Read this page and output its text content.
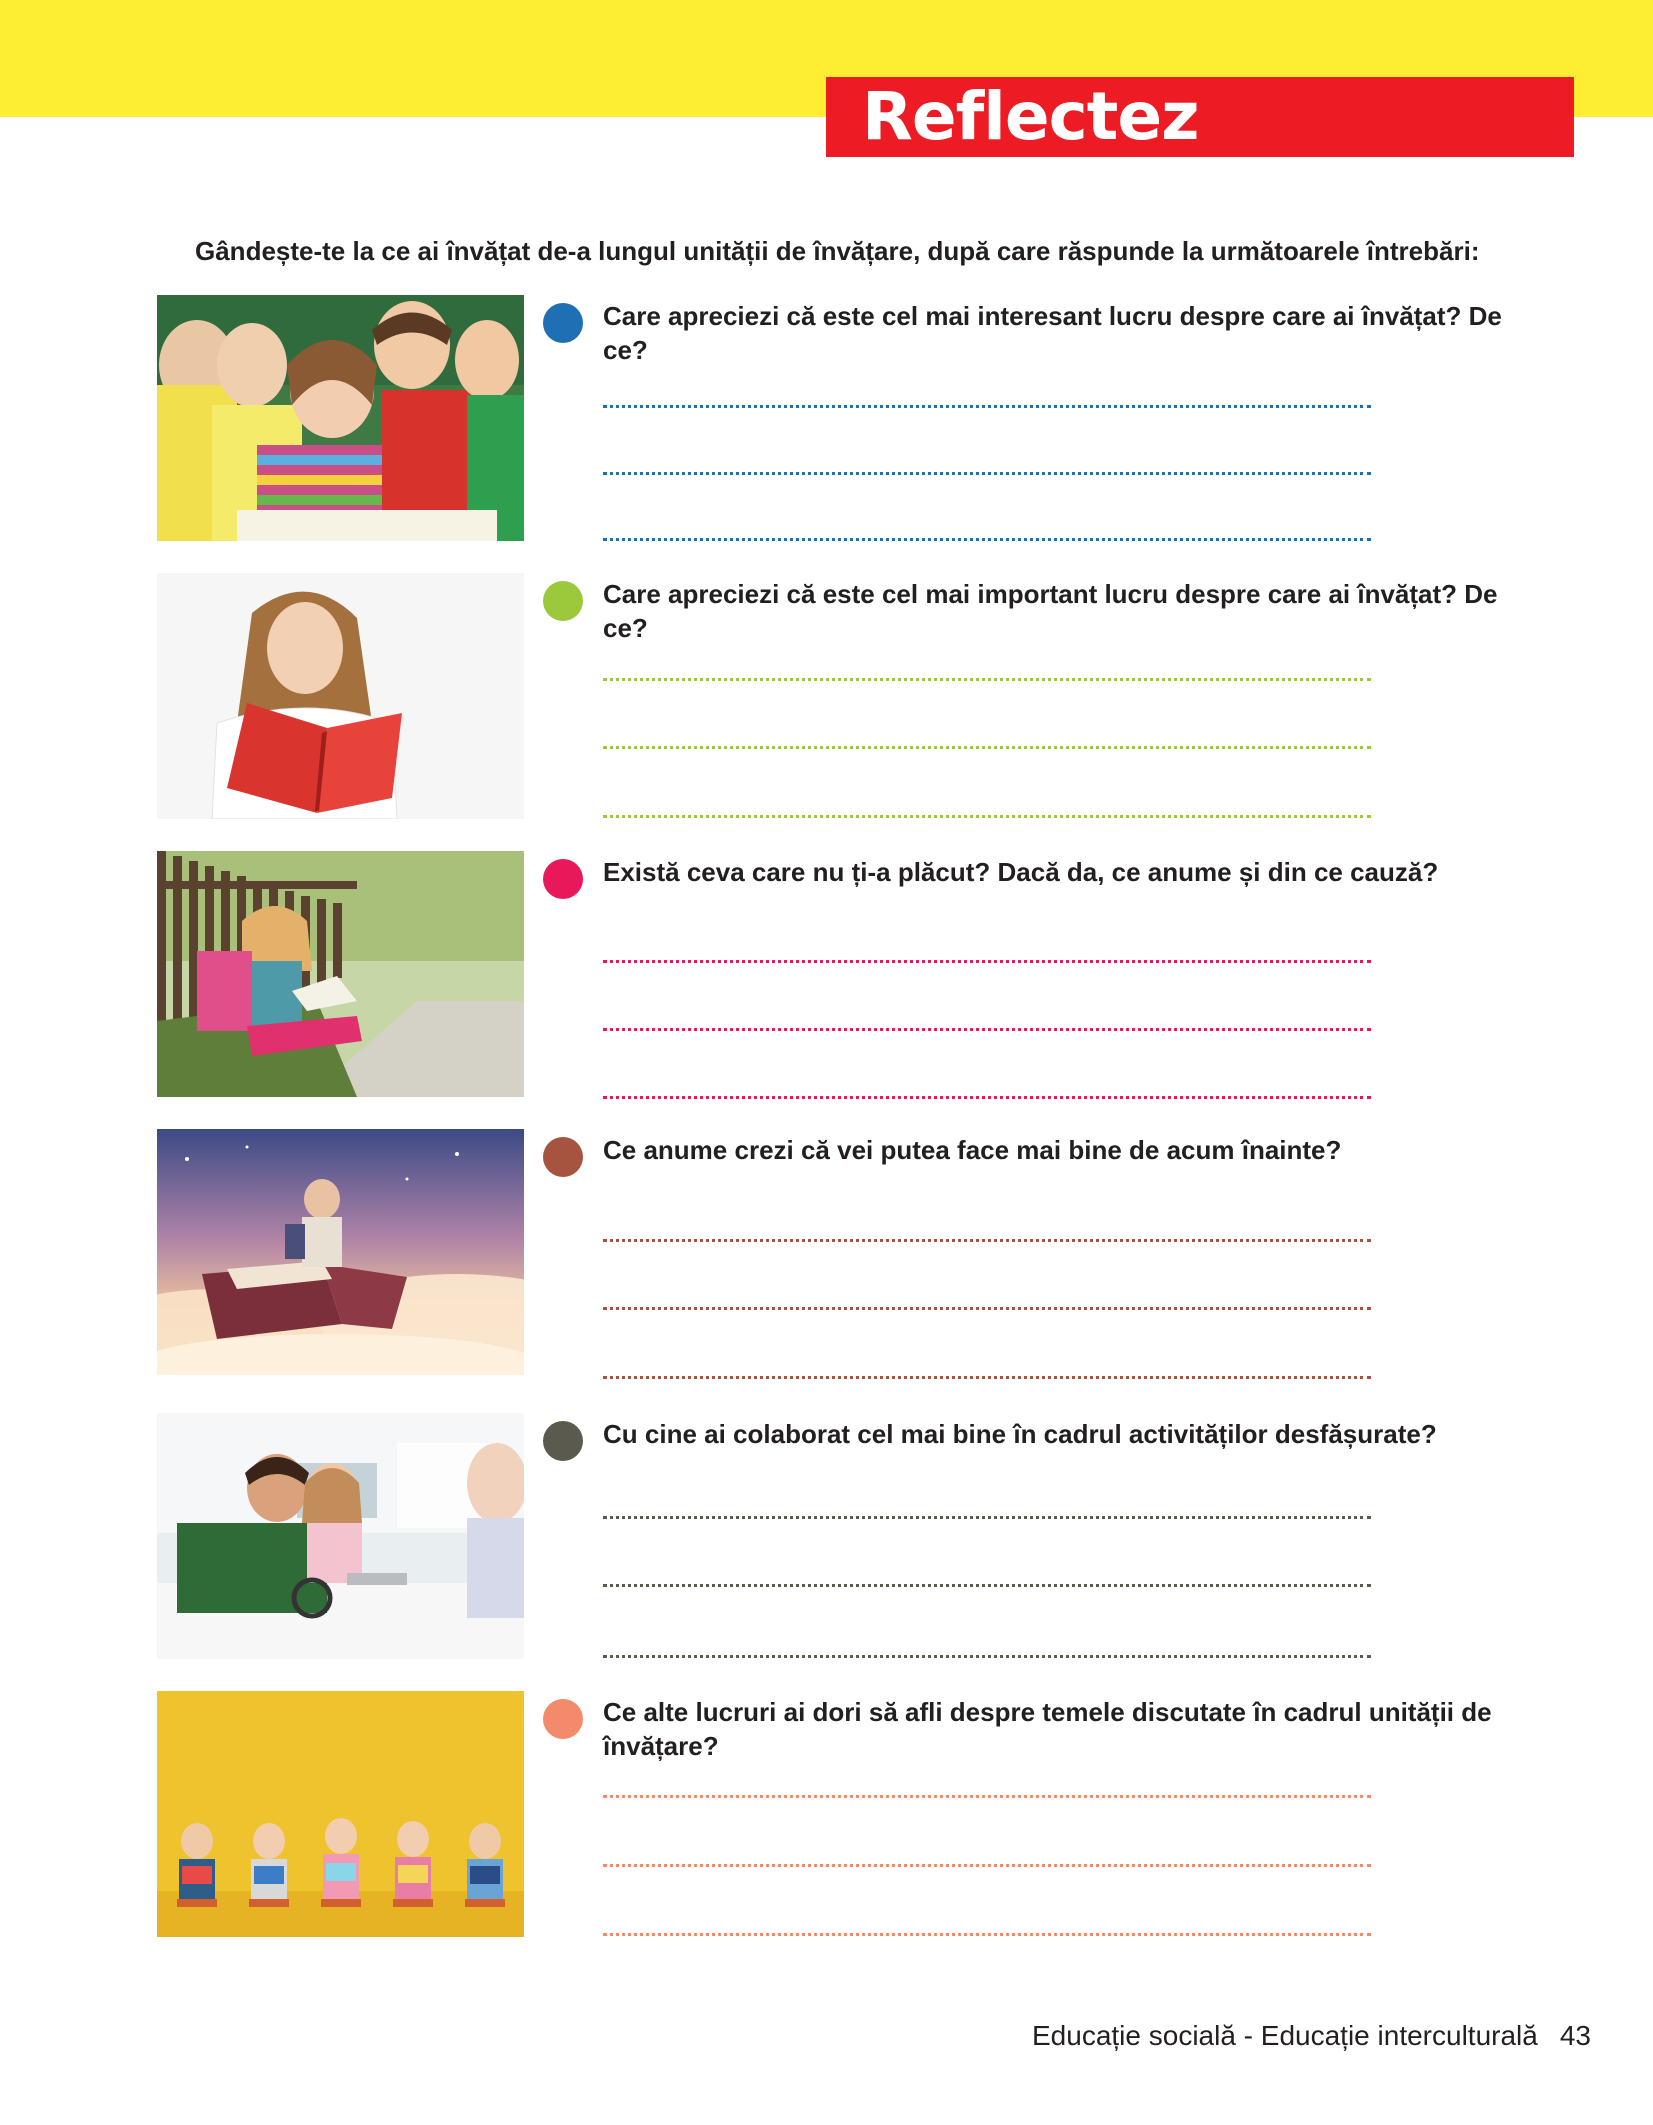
Reflectez
Gândește-te la ce ai învățat de-a lungul unității de învățare, după care răspunde la următoarele întrebări:
Care apreciezi că este cel mai interesant lucru despre care ai învățat? De ce?
Care apreciezi că este cel mai important lucru despre care ai învățat? De ce?
Există ceva care nu ți-a plăcut? Dacă da, ce anume și din ce cauză?
Ce anume crezi că vei putea face mai bine de acum înainte?
Cu cine ai colaborat cel mai bine în cadrul activităților desfășurate?
Ce alte lucruri ai dori să afli despre temele discutate în cadrul unității de învățare?
Educație socială - Educație interculturală 43
